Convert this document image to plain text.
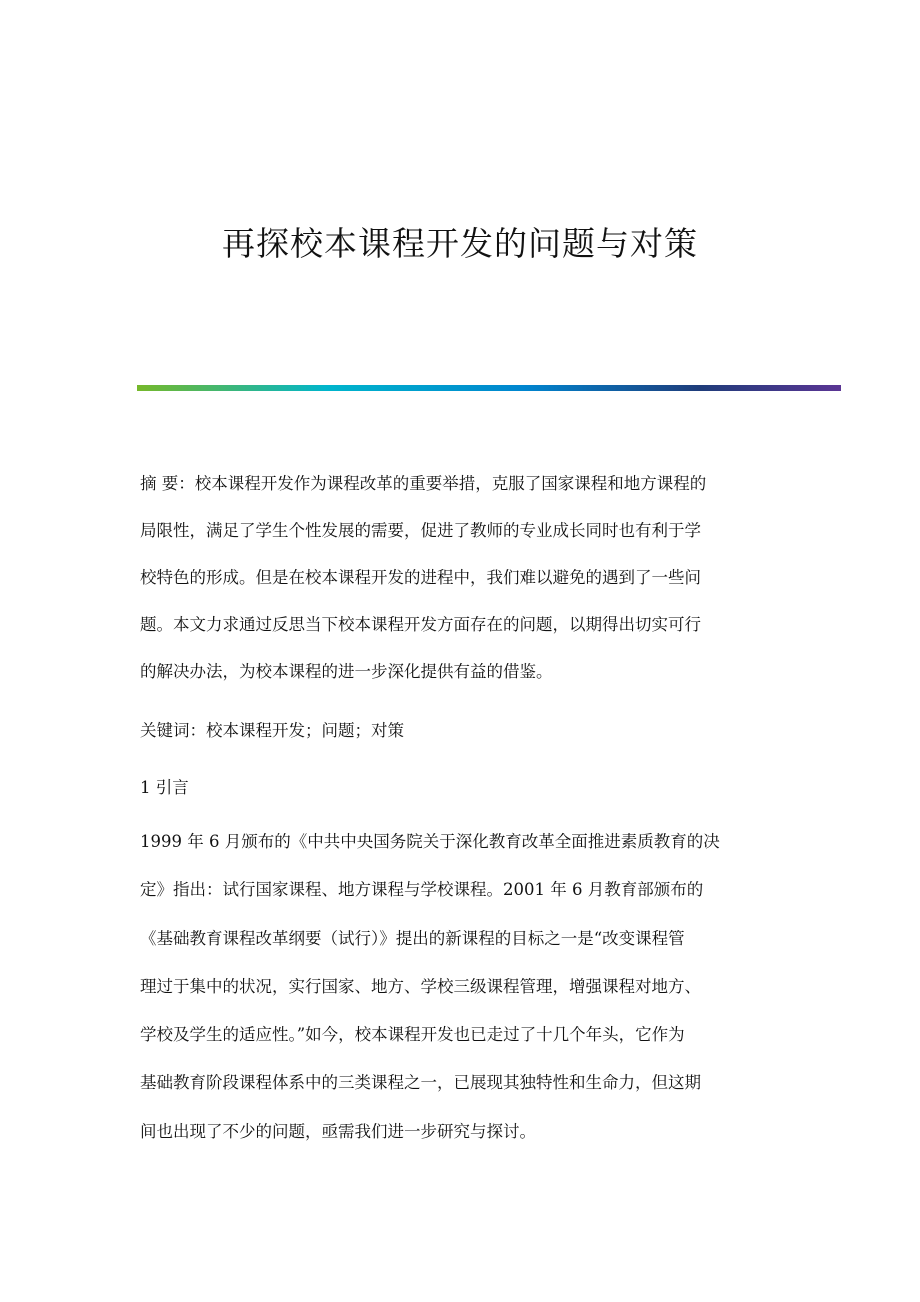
再探校本课程开发的问题与对策
摘 要：校本课程开发作为课程改革的重要举措，克服了国家课程和地方课程的
局限性，满足了学生个性发展的需要，促进了教师的专业成长同时也有利于学
校特色的形成。但是在校本课程开发的进程中，我们难以避免的遇到了一些问
题。本文力求通过反思当下校本课程开发方面存在的问题，以期得出切实可行
的解决办法，为校本课程的进一步深化提供有益的借鉴。
关键词：校本课程开发；问题；对策
1 引言
1999 年 6 月颁布的《中共中央国务院关于深化教育改革全面推进素质教育的决
定》指出：试行国家课程、地方课程与学校课程。2001 年 6 月教育部颁布的
《基础教育课程改革纲要（试行）》提出的新课程的目标之一是“改变课程管
理过于集中的状况，实行国家、地方、学校三级课程管理，增强课程对地方、
学校及学生的适应性。”如今，校本课程开发也已走过了十几个年头，它作为
基础教育阶段课程体系中的三类课程之一，已展现其独特性和生命力，但这期
间也出现了不少的问题，亟需我们进一步研究与探讨。
